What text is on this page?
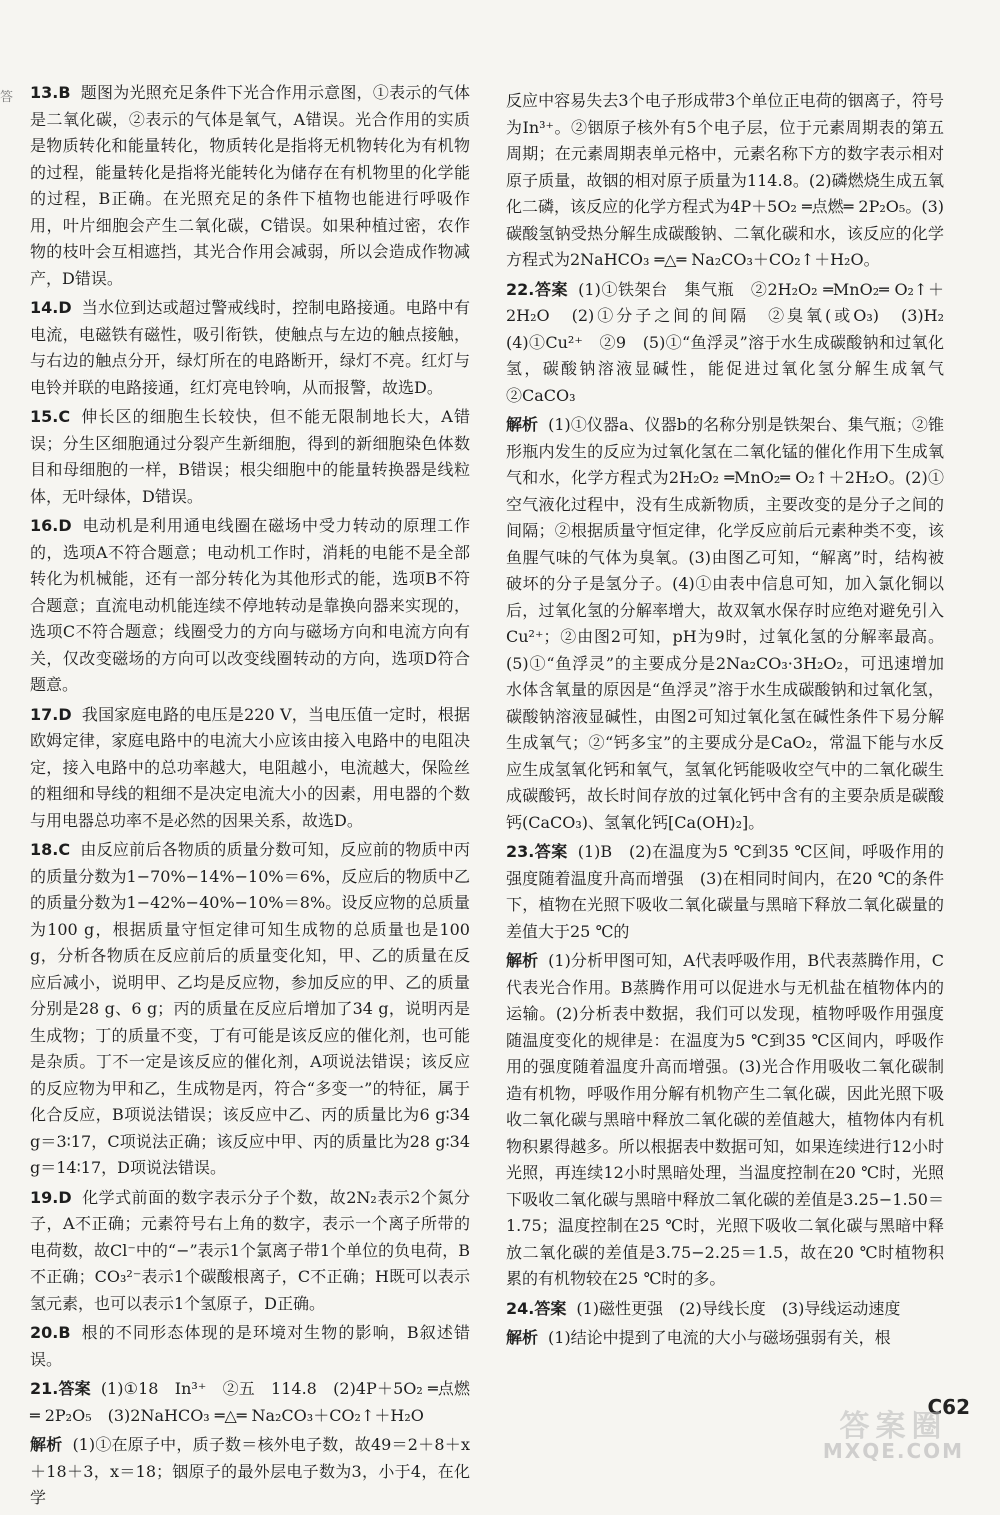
答 13.B 题图为光照充足条件下光合作用示意图，①表示的气体是二氧化碳，②表示的气体是氧气，A错误。光合作用的实质是物质转化和能量转化，物质转化是指将无机物转化为有机物的过程，能量转化是指将光能转化为储存在有机物里的化学能的过程，B正确。在光照充足的条件下植物也能进行呼吸作用，叶片细胞会产生二氧化碳，C错误。如果种植过密，农作物的枝叶会互相遮挡，其光合作用会减弱，所以会造成作物减产，D错误。
14.D 当水位到达或超过警戒线时，控制电路接通。电路中有电流，电磁铁有磁性，吸引衔铁，使触点与左边的触点接触，与右边的触点分开，绿灯所在的电路断开，绿灯不亮。红灯与电铃并联的电路接通，红灯亮电铃响，从而报警，故选D。
15.C 伸长区的细胞生长较快，但不能无限制地长大，A错误；分生区细胞通过分裂产生新细胞，得到的新细胞染色体数目和母细胞的一样，B错误；根尖细胞中的能量转换器是线粒体，无叶绿体，D错误。
16.D 电动机是利用通电线圈在磁场中受力转动的原理工作的，选项A不符合题意；电动机工作时，消耗的电能不是全部转化为机械能，还有一部分转化为其他形式的能，选项B不符合题意；直流电动机能连续不停地转动是靠换向器来实现的，选项C不符合题意；线圈受力的方向与磁场方向和电流方向有关，仅改变磁场的方向可以改变线圈转动的方向，选项D符合题意。
17.D 我国家庭电路的电压是220 V，当电压值一定时，根据欧姆定律，家庭电路中的电流大小应该由接入电路中的电阻决定，接入电路中的总功率越大，电阻越小，电流越大，保险丝的粗细和导线的粗细不是决定电流大小的因素，用电器的个数与用电器总功率不是必然的因果关系，故选D。
18.C 由反应前后各物质的质量分数可知，反应前的物质中丙的质量分数为1−70%−14%−10%＝6%，反应后的物质中乙的质量分数为1−42%−40%−10%＝8%。设反应物的总质量为100 g，根据质量守恒定律可知生成物的总质量也是100 g，分析各物质在反应前后的质量变化知，甲、乙的质量在反应后减小，说明甲、乙均是反应物，参加反应的甲、乙的质量分别是28 g、6 g；丙的质量在反应后增加了34 g，说明丙是生成物；丁的质量不变，丁有可能是该反应的催化剂，也可能是杂质。丁不一定是该反应的催化剂，A项说法错误；该反应的反应物为甲和乙，生成物是丙，符合“多变一”的特征，属于化合反应，B项说法错误；该反应中乙、丙的质量比为6 g∶34 g＝3∶17，C项说法正确；该反应中甲、丙的质量比为28 g∶34 g＝14∶17，D项说法错误。
19.D 化学式前面的数字表示分子个数，故2N₂表示2个氮分子，A不正确；元素符号右上角的数字，表示一个离子所带的电荷数，故Cl⁻中的“−”表示1个氯离子带1个单位的负电荷，B不正确；CO₃²⁻表示1个碳酸根离子，C不正确；H既可以表示氢元素，也可以表示1个氢原子，D正确。
20.B 根的不同形态体现的是环境对生物的影响，B叙述错误。
21.答案 (1)①18　In³⁺　②五　114.8　(2)4P＋5O₂ ═点燃═ 2P₂O₅　(3)2NaHCO₃ ═△═ Na₂CO₃＋CO₂↑＋H₂O
解析 (1)①在原子中，质子数＝核外电子数，故49＝2＋8＋x＋18＋3，x＝18；铟原子的最外层电子数为3，小于4，在化学
反应中容易失去3个电子形成带3个单位正电荷的铟离子，符号为In³⁺。②铟原子核外有5个电子层，位于元素周期表的第五周期；在元素周期表单元格中，元素名称下方的数字表示相对原子质量，故铟的相对原子质量为114.8。(2)磷燃烧生成五氧化二磷，该反应的化学方程式为4P＋5O₂ ═点燃═ 2P₂O₅。(3)碳酸氢钠受热分解生成碳酸钠、二氧化碳和水，该反应的化学方程式为2NaHCO₃ ═△═ Na₂CO₃＋CO₂↑＋H₂O。
22.答案 (1)①铁架台　集气瓶　②2H₂O₂ ═MnO₂═ O₂↑＋2H₂O　(2)①分子之间的间隔　②臭氧(或O₃)　(3)H₂　(4)①Cu²⁺　②9　(5)①“鱼浮灵”溶于水生成碳酸钠和过氧化氢，碳酸钠溶液显碱性，能促进过氧化氢分解生成氧气　②CaCO₃
解析 (1)①仪器a、仪器b的名称分别是铁架台、集气瓶；②锥形瓶内发生的反应为过氧化氢在二氧化锰的催化作用下生成氧气和水，化学方程式为2H₂O₂ ═MnO₂═ O₂↑＋2H₂O。(2)①空气液化过程中，没有生成新物质，主要改变的是分子之间的间隔；②根据质量守恒定律，化学反应前后元素种类不变，该鱼腥气味的气体为臭氧。(3)由图乙可知，“解离”时，结构被破坏的分子是氢分子。(4)①由表中信息可知，加入氯化铜以后，过氧化氢的分解率增大，故双氧水保存时应绝对避免引入Cu²⁺；②由图2可知，pH为9时，过氧化氢的分解率最高。(5)①“鱼浮灵”的主要成分是2Na₂CO₃·3H₂O₂，可迅速增加水体含氧量的原因是“鱼浮灵”溶于水生成碳酸钠和过氧化氢，碳酸钠溶液显碱性，由图2可知过氧化氢在碱性条件下易分解生成氧气；②“钙多宝”的主要成分是CaO₂，常温下能与水反应生成氢氧化钙和氧气，氢氧化钙能吸收空气中的二氧化碳生成碳酸钙，故长时间存放的过氧化钙中含有的主要杂质是碳酸钙(CaCO₃)、氢氧化钙[Ca(OH)₂]。
23.答案 (1)B　(2)在温度为5 ℃到35 ℃区间，呼吸作用的强度随着温度升高而增强　(3)在相同时间内，在20 ℃的条件下，植物在光照下吸收二氧化碳量与黑暗下释放二氧化碳量的差值大于25 ℃的
解析 (1)分析甲图可知，A代表呼吸作用，B代表蒸腾作用，C代表光合作用。B蒸腾作用可以促进水与无机盐在植物体内的运输。(2)分析表中数据，我们可以发现，植物呼吸作用强度随温度变化的规律是：在温度为5 ℃到35 ℃区间内，呼吸作用的强度随着温度升高而增强。(3)光合作用吸收二氧化碳制造有机物，呼吸作用分解有机物产生二氧化碳，因此光照下吸收二氧化碳与黑暗中释放二氧化碳的差值越大，植物体内有机物积累得越多。所以根据表中数据可知，如果连续进行12小时光照，再连续12小时黑暗处理，当温度控制在20 ℃时，光照下吸收二氧化碳与黑暗中释放二氧化碳的差值是3.25−1.50＝1.75；温度控制在25 ℃时，光照下吸收二氧化碳与黑暗中释放二氧化碳的差值是3.75−2.25＝1.5，故在20 ℃时植物积累的有机物较在25 ℃时的多。
24.答案 (1)磁性更强　(2)导线长度　(3)导线运动速度
解析 (1)结论中提到了电流的大小与磁场强弱有关，根
C62
答案圈
MXQE.COM
